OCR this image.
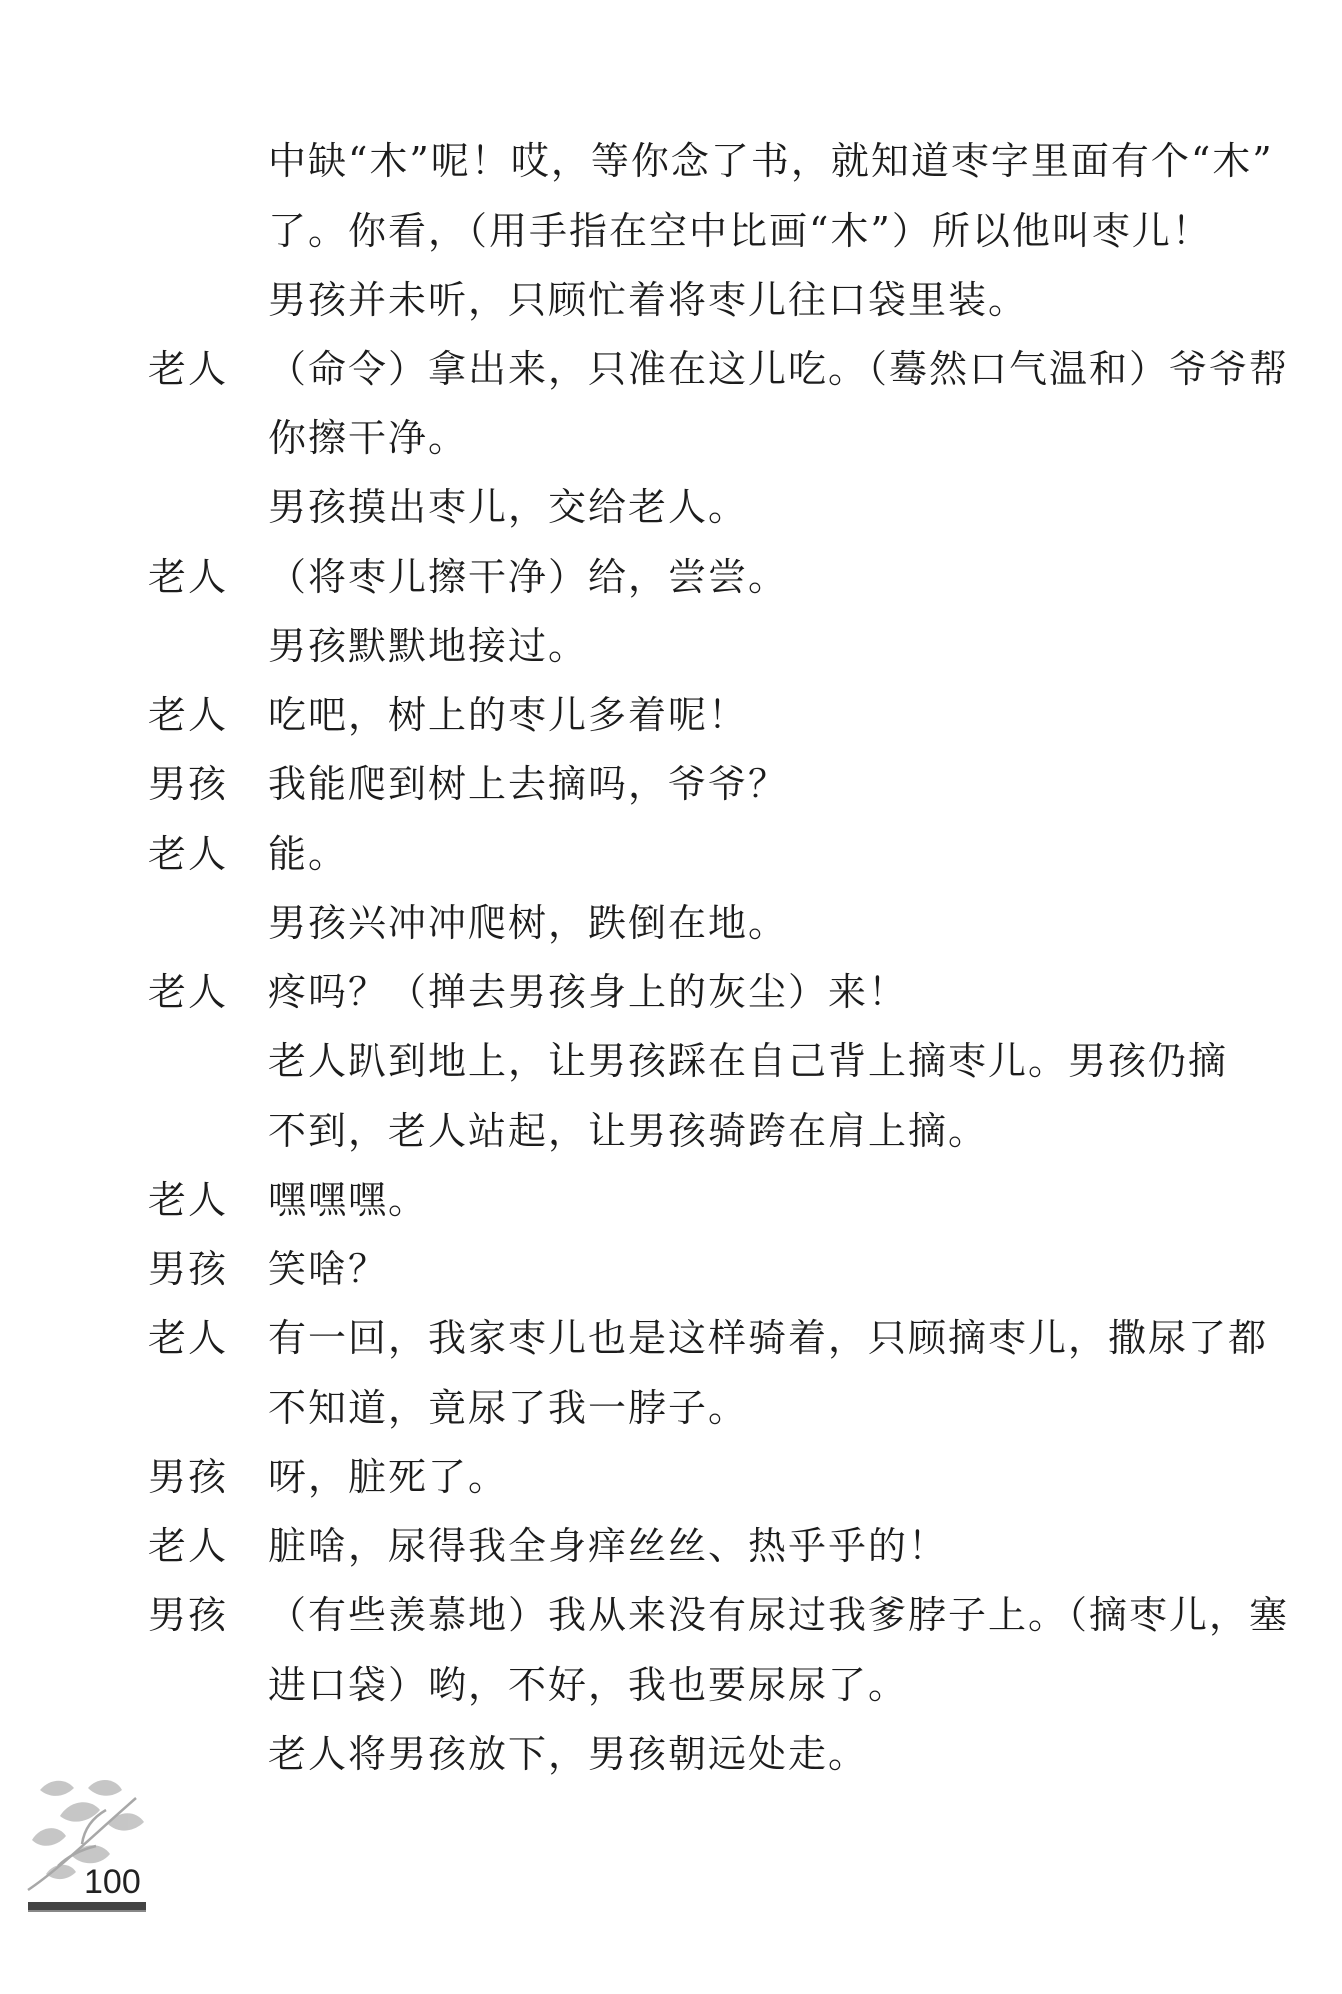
中缺“木”呢！哎，等你念了书，就知道枣字里面有个“木”
了。你看，（用手指在空中比画“木”）所以他叫枣儿！
男孩并未听，只顾忙着将枣儿往口袋里装。
老人	（命令）拿出来，只准在这儿吃。（蓦然口气温和）爷爷帮
你擦干净。
男孩摸出枣儿，交给老人。
老人	（将枣儿擦干净）给，尝尝。
男孩默默地接过。
老人	吃吧，树上的枣儿多着呢！
男孩	我能爬到树上去摘吗，爷爷？
老人	能。
男孩兴冲冲爬树，跌倒在地。
老人	疼吗？（掸去男孩身上的灰尘）来！
老人趴到地上，让男孩踩在自己背上摘枣儿。男孩仍摘
不到，老人站起，让男孩骑跨在肩上摘。
老人	嘿嘿嘿。
男孩	笑啥？
老人	有一回，我家枣儿也是这样骑着，只顾摘枣儿，撒尿了都
不知道，竟尿了我一脖子。
男孩	呀，脏死了。
老人	脏啥，尿得我全身痒丝丝、热乎乎的！
男孩	（有些羡慕地）我从来没有尿过我爹脖子上。（摘枣儿，塞
进口袋）哟，不好，我也要尿尿了。
老人将男孩放下，男孩朝远处走。
100
